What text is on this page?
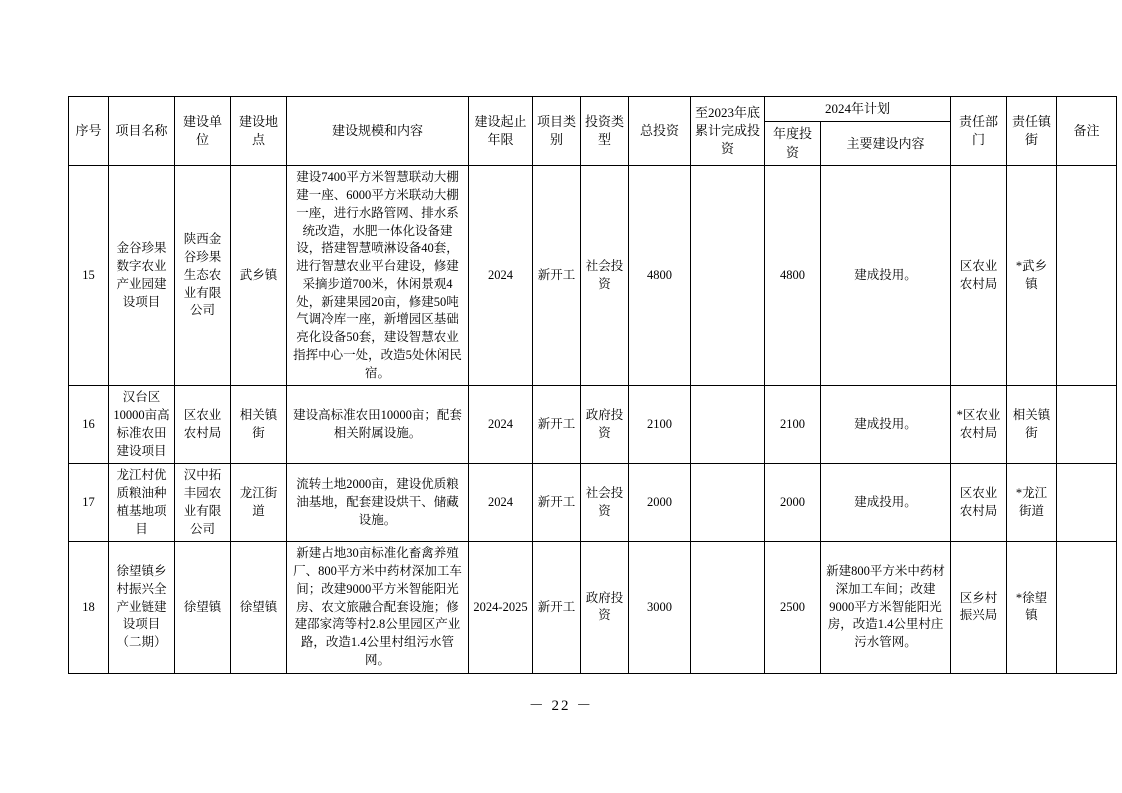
序号	项目名称	建设单位	建设地点	建设规模和内容	建设起止年限	项目类别	投资类型	总投资	至2023年底累计完成投资	2024年计划		责任部门	责任镇街	备注
										年度投资	主要建设内容			
15	金谷珍果数字农业产业园建设项目	陕西金谷珍果生态农业有限公司	武乡镇	建设7400平方米智慧联动大棚建一座、6000平方米联动大棚一座，进行水路管网、排水系统改造，水肥一体化设备建设，搭建智慧喷淋设备40套，进行智慧农业平台建设，修建采摘步道700米，休闲景观4处，新建果园20亩，修建50吨气调冷库一座，新增园区基础亮化设备50套，建设智慧农业指挥中心一处，改造5处休闲民宿。	2024	新开工	社会投资	4800		4800	建成投用。	区农业农村局	*武乡镇	
16	汉台区10000亩高标准农田建设项目	区农业农村局	相关镇街	建设高标准农田10000亩；配套相关附属设施。	2024	新开工	政府投资	2100		2100	建成投用。	*区农业农村局	相关镇街	
17	龙江村优质粮油种植基地项目	汉中拓丰园农业有限公司	龙江街道	流转土地2000亩，建设优质粮油基地，配套建设烘干、储藏设施。	2024	新开工	社会投资	2000		2000	建成投用。	区农业农村局	*龙江街道	
18	徐望镇乡村振兴全产业链建设项目（二期）	徐望镇	徐望镇	新建占地30亩标准化畜禽养殖厂、800平方米中药材深加工车间；改建9000平方米智能阳光房、农文旅融合配套设施；修建邵家湾等村2.8公里园区产业路，改造1.4公里村组污水管网。	2024-2025	新开工	政府投资	3000		2500	新建800平方米中药材深加工车间；改建9000平方米智能阳光房，改造1.4公里村庄污水管网。	区乡村振兴局	*徐望镇	
－ 22 －
